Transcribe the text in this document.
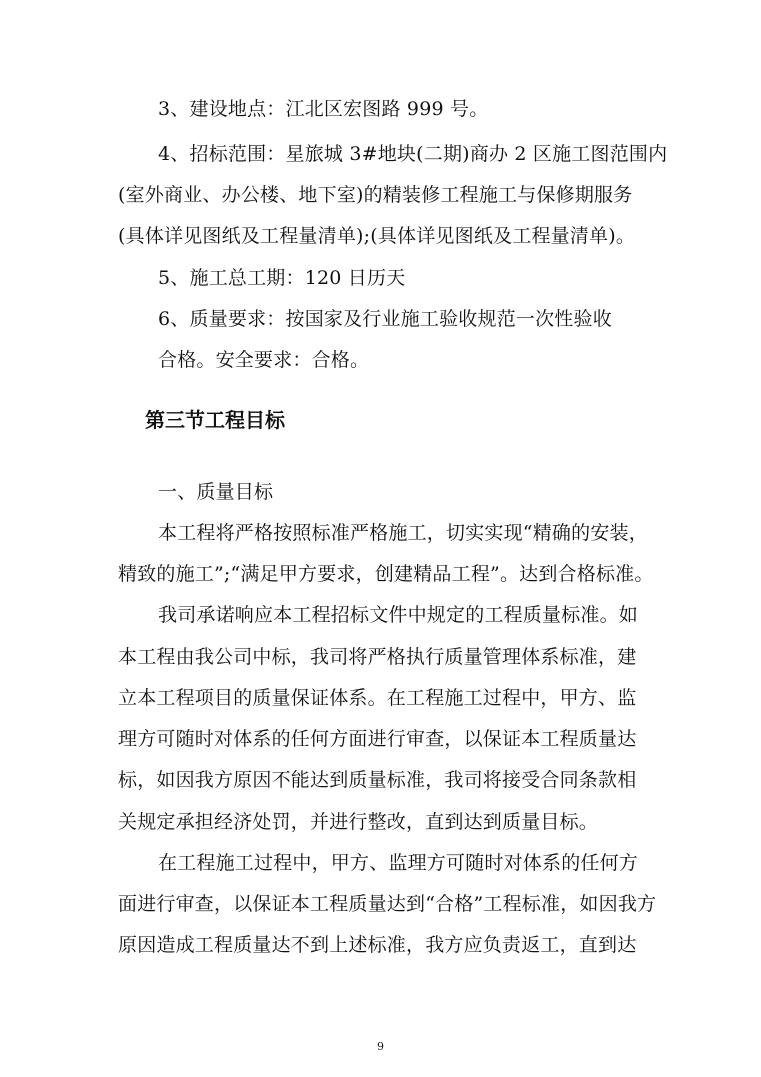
3、建设地点：江北区宏图路 999 号。
4、招标范围：星旅城 3#地块(二期)商办 2 区施工图范围内
(室外商业、办公楼、地下室)的精装修工程施工与保修期服务
(具体详见图纸及工程量清单);(具体详见图纸及工程量清单)。
5、施工总工期：120 日历天
6、质量要求：按国家及行业施工验收规范一次性验收
合格。安全要求：合格。
第三节工程目标
一、质量目标
本工程将严格按照标准严格施工，切实实现“精确的安装，
精致的施工”;“满足甲方要求，创建精品工程”。达到合格标准。
我司承诺响应本工程招标文件中规定的工程质量标准。如
本工程由我公司中标，我司将严格执行质量管理体系标准，建
立本工程项目的质量保证体系。在工程施工过程中，甲方、监
理方可随时对体系的任何方面进行审查，以保证本工程质量达
标，如因我方原因不能达到质量标准，我司将接受合同条款相
关规定承担经济处罚，并进行整改，直到达到质量目标。
在工程施工过程中，甲方、监理方可随时对体系的任何方
面进行审查，以保证本工程质量达到“合格”工程标准，如因我方
原因造成工程质量达不到上述标准，我方应负责返工，直到达
9
